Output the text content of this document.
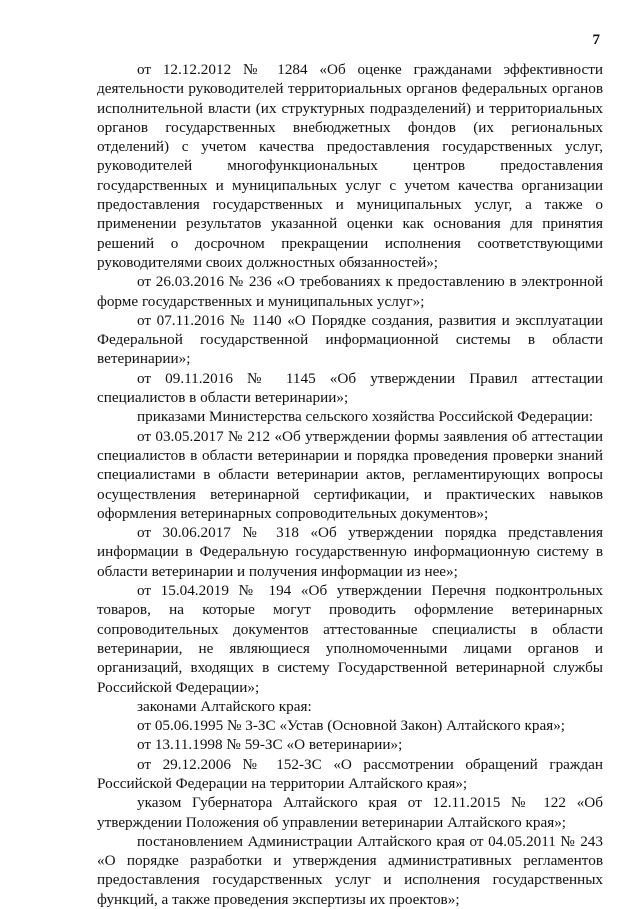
7

от 12.12.2012 № 1284 «Об оценке гражданами эффективности деятельности руководителей территориальных органов федеральных органов исполнительной власти (их структурных подразделений) и территориальных органов государственных внебюджетных фондов (их региональных отделений) с учетом качества предоставления государственных услуг, руководителей многофункциональных центров предоставления государственных и муниципальных услуг с учетом качества организации предоставления государственных и муниципальных услуг, а также о применении результатов указанной оценки как основания для принятия решений о досрочном прекращении исполнения соответствующими руководителями своих должностных обязанностей»;

от 26.03.2016 № 236 «О требованиях к предоставлению в электронной форме государственных и муниципальных услуг»;

от 07.11.2016 № 1140 «О Порядке создания, развития и эксплуатации Федеральной государственной информационной системы в области ветеринарии»;

от 09.11.2016 № 1145 «Об утверждении Правил аттестации специалистов в области ветеринарии»;

приказами Министерства сельского хозяйства Российской Федерации:

от 03.05.2017 № 212 «Об утверждении формы заявления об аттестации специалистов в области ветеринарии и порядка проведения проверки знаний специалистами в области ветеринарии актов, регламентирующих вопросы осуществления ветеринарной сертификации, и практических навыков оформления ветеринарных сопроводительных документов»;

от 30.06.2017 № 318 «Об утверждении порядка представления информации в Федеральную государственную информационную систему в области ветеринарии и получения информации из нее»;

от 15.04.2019 № 194 «Об утверждении Перечня подконтрольных товаров, на которые могут проводить оформление ветеринарных сопроводительных документов аттестованные специалисты в области ветеринарии, не являющиеся уполномоченными лицами органов и организаций, входящих в систему Государственной ветеринарной службы Российской Федерации»;

законами Алтайского края:

от 05.06.1995 № 3-ЗС «Устав (Основной Закон) Алтайского края»;

от 13.11.1998 № 59-ЗС «О ветеринарии»;

от 29.12.2006 № 152-ЗС «О рассмотрении обращений граждан Российской Федерации на территории Алтайского края»;

указом Губернатора Алтайского края от 12.11.2015 № 122 «Об утверждении Положения об управлении ветеринарии Алтайского края»;

постановлением Администрации Алтайского края от 04.05.2011 № 243 «О порядке разработки и утверждения административных регламентов предоставления государственных услуг и исполнения государственных функций, а также проведения экспертизы их проектов»;
